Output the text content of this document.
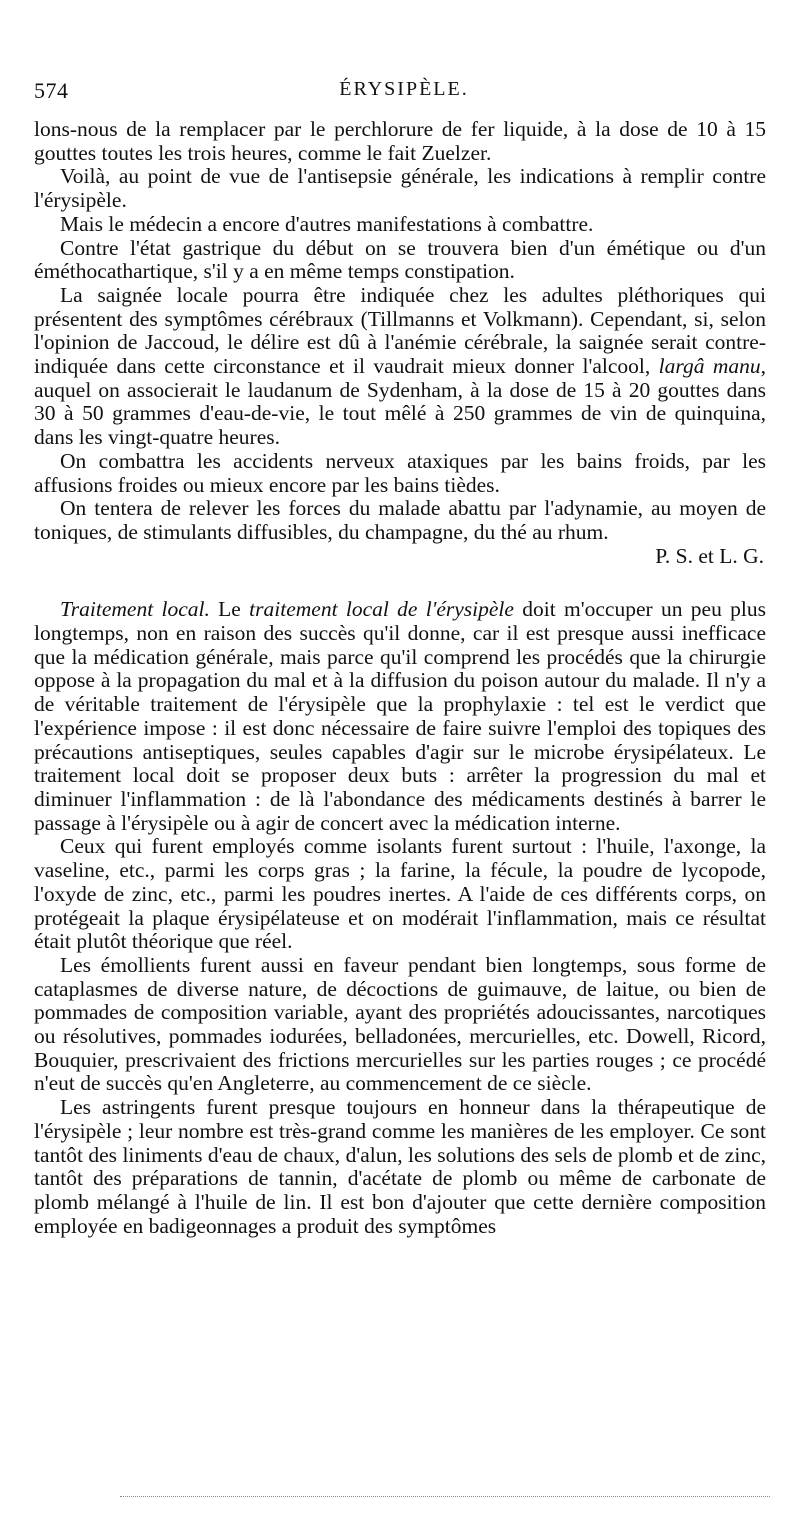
574	ÉRYSIPÈLE.

lons-nous de la remplacer par le perchlorure de fer liquide, à la dose de 10 à 15 gouttes toutes les trois heures, comme le fait Zuelzer.

Voilà, au point de vue de l'antisepsie générale, les indications à remplir contre l'érysipèle.

Mais le médecin a encore d'autres manifestations à combattre.

Contre l'état gastrique du début on se trouvera bien d'un émétique ou d'un éméthocathartique, s'il y a en même temps constipation.

La saignée locale pourra être indiquée chez les adultes pléthoriques qui présentent des symptômes cérébraux (Tillmanns et Volkmann). Cependant, si, selon l'opinion de Jaccoud, le délire est dû à l'anémie cérébrale, la saignée serait contre-indiquée dans cette circonstance et il vaudrait mieux donner l'alcool, largâ manu, auquel on associerait le laudanum de Sydenham, à la dose de 15 à 20 gouttes dans 30 à 50 grammes d'eau-de-vie, le tout mêlé à 250 grammes de vin de quinquina, dans les vingt-quatre heures.

On combattra les accidents nerveux ataxiques par les bains froids, par les affusions froides ou mieux encore par les bains tièdes.

On tentera de relever les forces du malade abattu par l'adynamie, au moyen de toniques, de stimulants diffusibles, du champagne, du thé au rhum.

P. S. et L. G.

Traitement local. Le traitement local de l'érysipèle doit m'occuper un peu plus longtemps, non en raison des succès qu'il donne, car il est presque aussi inefficace que la médication générale, mais parce qu'il comprend les procédés que la chirurgie oppose à la propagation du mal et à la diffusion du poison autour du malade. Il n'y a de véritable traitement de l'érysipèle que la prophylaxie : tel est le verdict que l'expérience impose : il est donc nécessaire de faire suivre l'emploi des topiques des précautions antiseptiques, seules capables d'agir sur le microbe érysipélateux. Le traitement local doit se proposer deux buts : arrêter la progression du mal et diminuer l'inflammation : de là l'abondance des médicaments destinés à barrer le passage à l'érysipèle ou à agir de concert avec la médication interne.

Ceux qui furent employés comme isolants furent surtout : l'huile, l'axonge, la vaseline, etc., parmi les corps gras ; la farine, la fécule, la poudre de lycopode, l'oxyde de zinc, etc., parmi les poudres inertes. A l'aide de ces différents corps, on protégeait la plaque érysipélateuse et on modérait l'inflammation, mais ce résultat était plutôt théorique que réel.

Les émollients furent aussi en faveur pendant bien longtemps, sous forme de cataplasmes de diverse nature, de décoctions de guimauve, de laitue, ou bien de pommades de composition variable, ayant des propriétés adoucissantes, narcotiques ou résolutives, pommades iodurées, belladonées, mercurielles, etc. Dowell, Ricord, Bouquier, prescrivaient des frictions mercurielles sur les parties rouges ; ce procédé n'eut de succès qu'en Angleterre, au commencement de ce siècle.

Les astringents furent presque toujours en honneur dans la thérapeutique de l'érysipèle ; leur nombre est très-grand comme les manières de les employer. Ce sont tantôt des liniments d'eau de chaux, d'alun, les solutions des sels de plomb et de zinc, tantôt des préparations de tannin, d'acétate de plomb ou même de carbonate de plomb mélangé à l'huile de lin. Il est bon d'ajouter que cette dernière composition employée en badigeonnages a produit des symptômes
